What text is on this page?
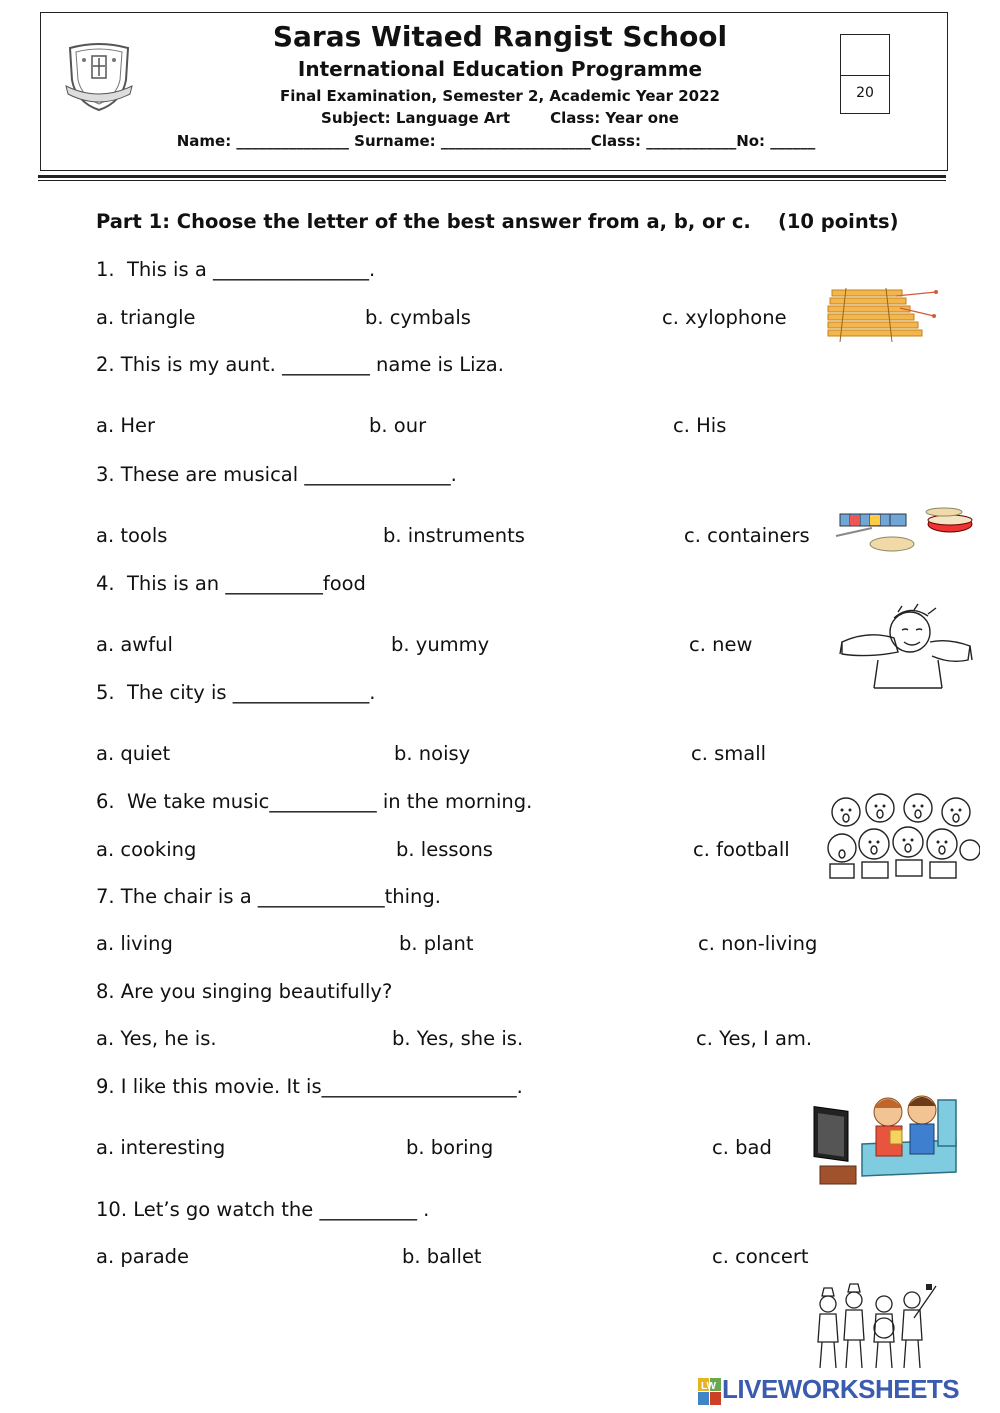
Saras Witaed Rangist School
International Education Programme
Final Examination, Semester 2, Academic Year 2022
Subject: Language Art	Class: Year one
Name: _______________ Surname: ____________________Class: ____________No: ______
20
Part 1: Choose the letter of the best answer from a, b, or c.    (10 points)
1.  This is a ________________.
a. triangle	b. cymbals	c. xylophone
2. This is my aunt. _________ name is Liza.
a. Her	b. our	c. His
3. These are musical _______________.
a. tools	b. instruments	c. containers
4.  This is an __________food
a. awful	b. yummy	c. new
5.  The city is ______________.
a. quiet	b. noisy	c. small
6.  We take music___________ in the morning.
a. cooking	b. lessons	c. football
7. The chair is a _____________thing.
a. living	b. plant	c. non-living
8. Are you singing beautifully?
a. Yes, he is.	b. Yes, she is.	c. Yes, I am.
9. I like this movie. It is____________________.
a. interesting	b. boring	c. bad
10. Let’s go watch the __________ .
a. parade	b. ballet	c. concert
LW LIVEWORKSHEETS
